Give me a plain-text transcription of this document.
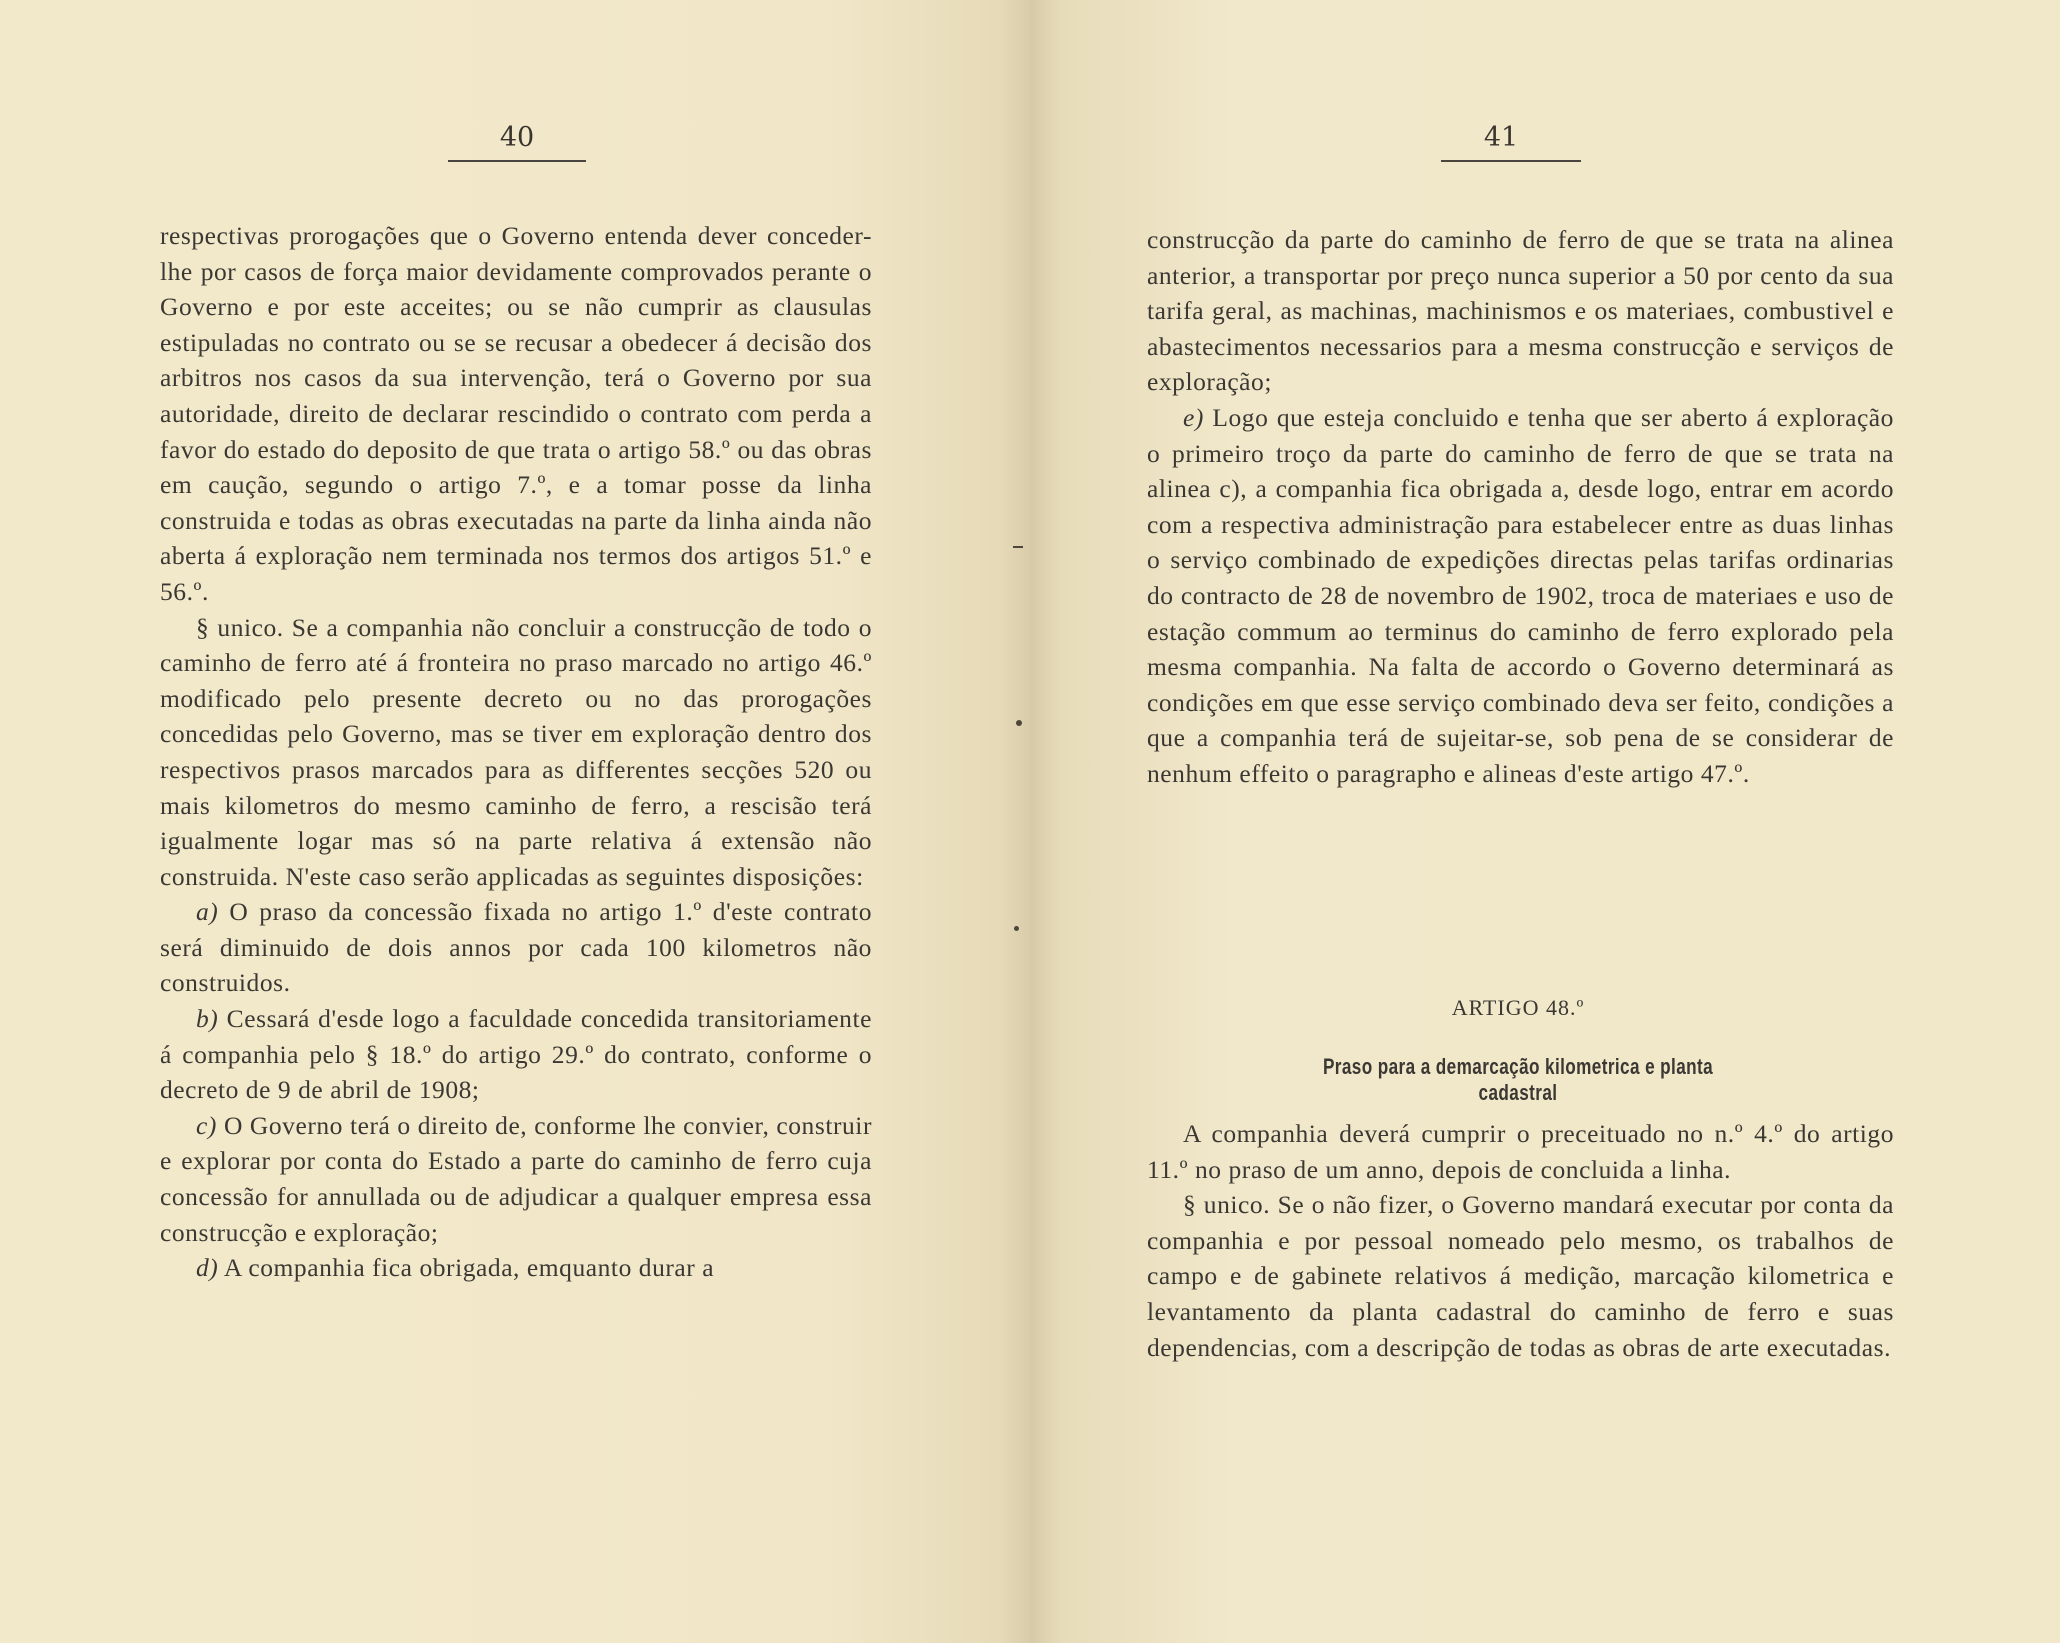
40

respectivas prorogações que o Governo entenda dever conceder-lhe por casos de força maior devidamente comprovados perante o Governo e por este acceites; ou se não cumprir as clausulas estipuladas no contrato ou se se recusar a obedecer á decisão dos arbitros nos casos da sua intervenção, terá o Governo por sua autoridade, direito de declarar rescindido o contrato com perda a favor do estado do deposito de que trata o artigo 58.º ou das obras em caução, segundo o artigo 7.º, e a tomar posse da linha construida e todas as obras executadas na parte da linha ainda não aberta á exploração nem terminada nos termos dos artigos 51.º e 56.º.

§ unico. Se a companhia não concluir a construcção de todo o caminho de ferro até á fronteira no praso marcado no artigo 46.º modificado pelo presente decreto ou no das prorogações concedidas pelo Governo, mas se tiver em exploração dentro dos respectivos prasos marcados para as differentes secções 520 ou mais kilometros do mesmo caminho de ferro, a rescisão terá igualmente logar mas só na parte relativa á extensão não construida. N'este caso serão applicadas as seguintes disposições:

a) O praso da concessão fixada no artigo 1.º d'este contrato será diminuido de dois annos por cada 100 kilometros não construidos.

b) Cessará d'esde logo a faculdade concedida transitoriamente á companhia pelo § 18.º do artigo 29.º do contrato, conforme o decreto de 9 de abril de 1908;

c) O Governo terá o direito de, conforme lhe convier, construir e explorar por conta do Estado a parte do caminho de ferro cuja concessão for annullada ou de adjudicar a qualquer empresa essa construcção e exploração;

d) A companhia fica obrigada, emquanto durar a

41

construcção da parte do caminho de ferro de que se trata na alinea anterior, a transportar por preço nunca superior a 50 por cento da sua tarifa geral, as machinas, machinismos e os materiaes, combustivel e abastecimentos necessarios para a mesma construcção e serviços de exploração;

e) Logo que esteja concluido e tenha que ser aberto á exploração o primeiro troço da parte do caminho de ferro de que se trata na alinea c), a companhia fica obrigada a, desde logo, entrar em acordo com a respectiva administração para estabelecer entre as duas linhas o serviço combinado de expedições directas pelas tarifas ordinarias do contracto de 28 de novembro de 1902, troca de materiaes e uso de estação commum ao terminus do caminho de ferro explorado pela mesma companhia. Na falta de accordo o Governo determinará as condições em que esse serviço combinado deva ser feito, condições a que a companhia terá de sujeitar-se, sob pena de se considerar de nenhum effeito o paragrapho e alineas d'este artigo 47.º.

ARTIGO 48.º
Praso para a demarcação kilometrica e planta cadastral

A companhia deverá cumprir o preceituado no n.º 4.º do artigo 11.º no praso de um anno, depois de concluida a linha.

§ unico. Se o não fizer, o Governo mandará executar por conta da companhia e por pessoal nomeado pelo mesmo, os trabalhos de campo e de gabinete relativos á medição, marcação kilometrica e levantamento da planta cadastral do caminho de ferro e suas dependencias, com a descripção de todas as obras de arte executadas.
